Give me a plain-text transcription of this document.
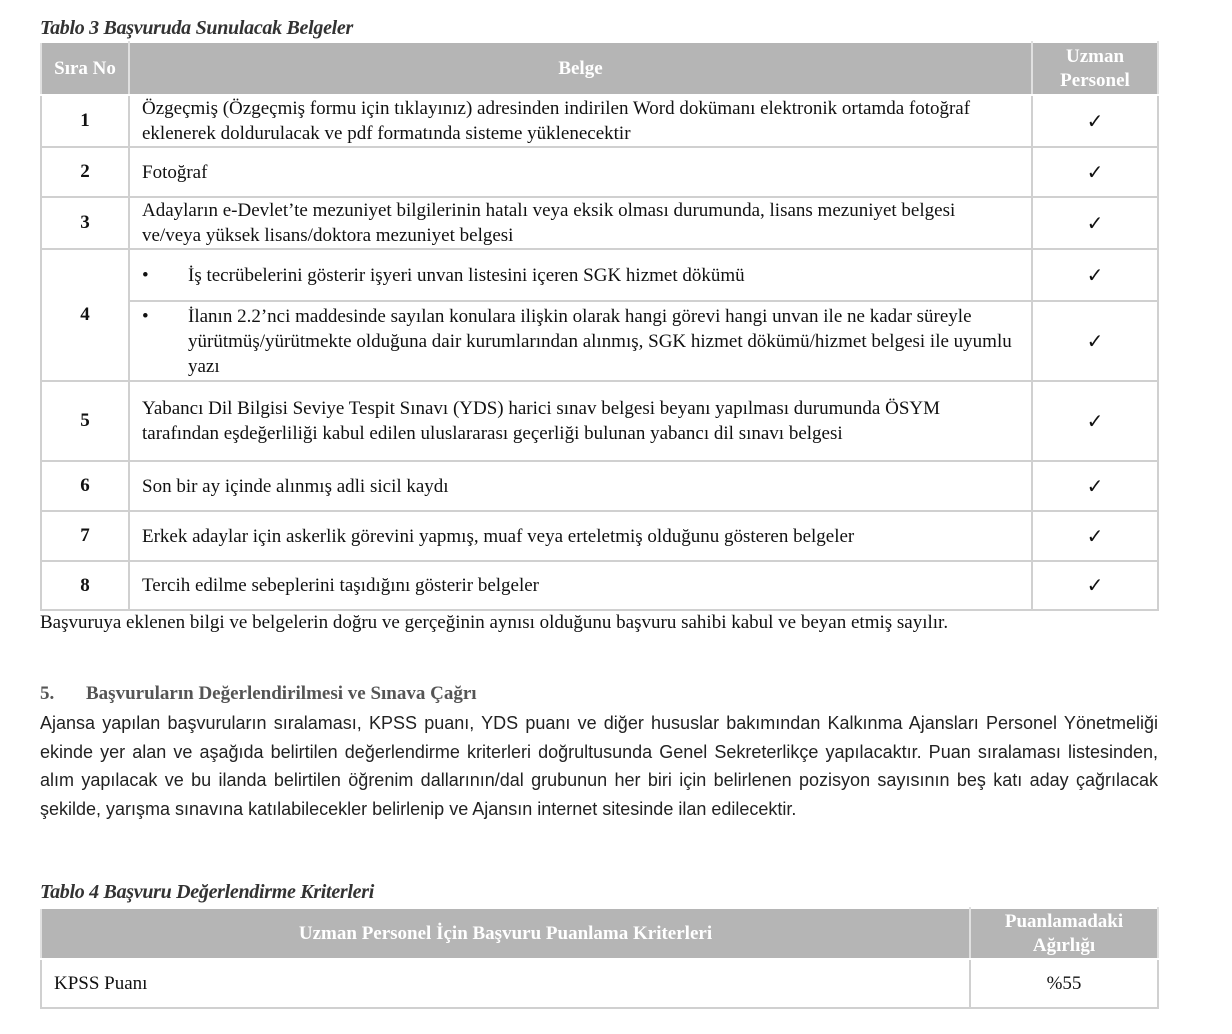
Tablo 3 Başvuruda Sunulacak Belgeler
Sıra No	Belge	Uzman Personel
1	Özgeçmiş (Özgeçmiş formu için tıklayınız) adresinden indirilen Word dokümanı elektronik ortamda fotoğraf eklenerek doldurulacak ve pdf formatında sisteme yüklenecektir	✓
2	Fotoğraf	✓
3	Adayların e-Devlet’te mezuniyet bilgilerinin hatalı veya eksik olması durumunda, lisans mezuniyet belgesi ve/veya yüksek lisans/doktora mezuniyet belgesi	✓
4	• İş tecrübelerini gösterir işyeri unvan listesini içeren SGK hizmet dökümü	✓

	• İlanın 2.2’nci maddesinde sayılan konulara ilişkin olarak hangi görevi hangi unvan ile ne kadar süreyle yürütmüş/yürütmekte olduğuna dair kurumlarından alınmış, SGK hizmet dökümü/hizmet belgesi ile uyumlu yazı	✓
5	Yabancı Dil Bilgisi Seviye Tespit Sınavı (YDS) harici sınav belgesi beyanı yapılması durumunda ÖSYM tarafından eşdeğerliliği kabul edilen uluslararası geçerliği bulunan yabancı dil sınavı belgesi	✓
6	Son bir ay içinde alınmış adli sicil kaydı	✓
7	Erkek adaylar için askerlik görevini yapmış, muaf veya erteletmiş olduğunu gösteren belgeler	✓
8	Tercih edilme sebeplerini taşıdığını gösterir belgeler	✓
Başvuruya eklenen bilgi ve belgelerin doğru ve gerçeğinin aynısı olduğunu başvuru sahibi kabul ve beyan etmiş sayılır.
5. Başvuruların Değerlendirilmesi ve Sınava Çağrı

Ajansa yapılan başvuruların sıralaması, KPSS puanı, YDS puanı ve diğer hususlar bakımından Kalkınma Ajansları Personel Yönetmeliği ekinde yer alan ve aşağıda belirtilen değerlendirme kriterleri doğrultusunda Genel Sekreterlikçe yapılacaktır. Puan sıralaması listesinden, alım yapılacak ve bu ilanda belirtilen öğrenim dallarının/dal grubunun her biri için belirlenen pozisyon sayısının beş katı aday çağrılacak şekilde, yarışma sınavına katılabilecekler belirlenip ve Ajansın internet sitesinde ilan edilecektir.

Tablo 4 Başvuru Değerlendirme Kriterleri
Uzman Personel İçin Başvuru Puanlama Kriterleri	Puanlamadaki Ağırlığı
KPSS Puanı	%55
